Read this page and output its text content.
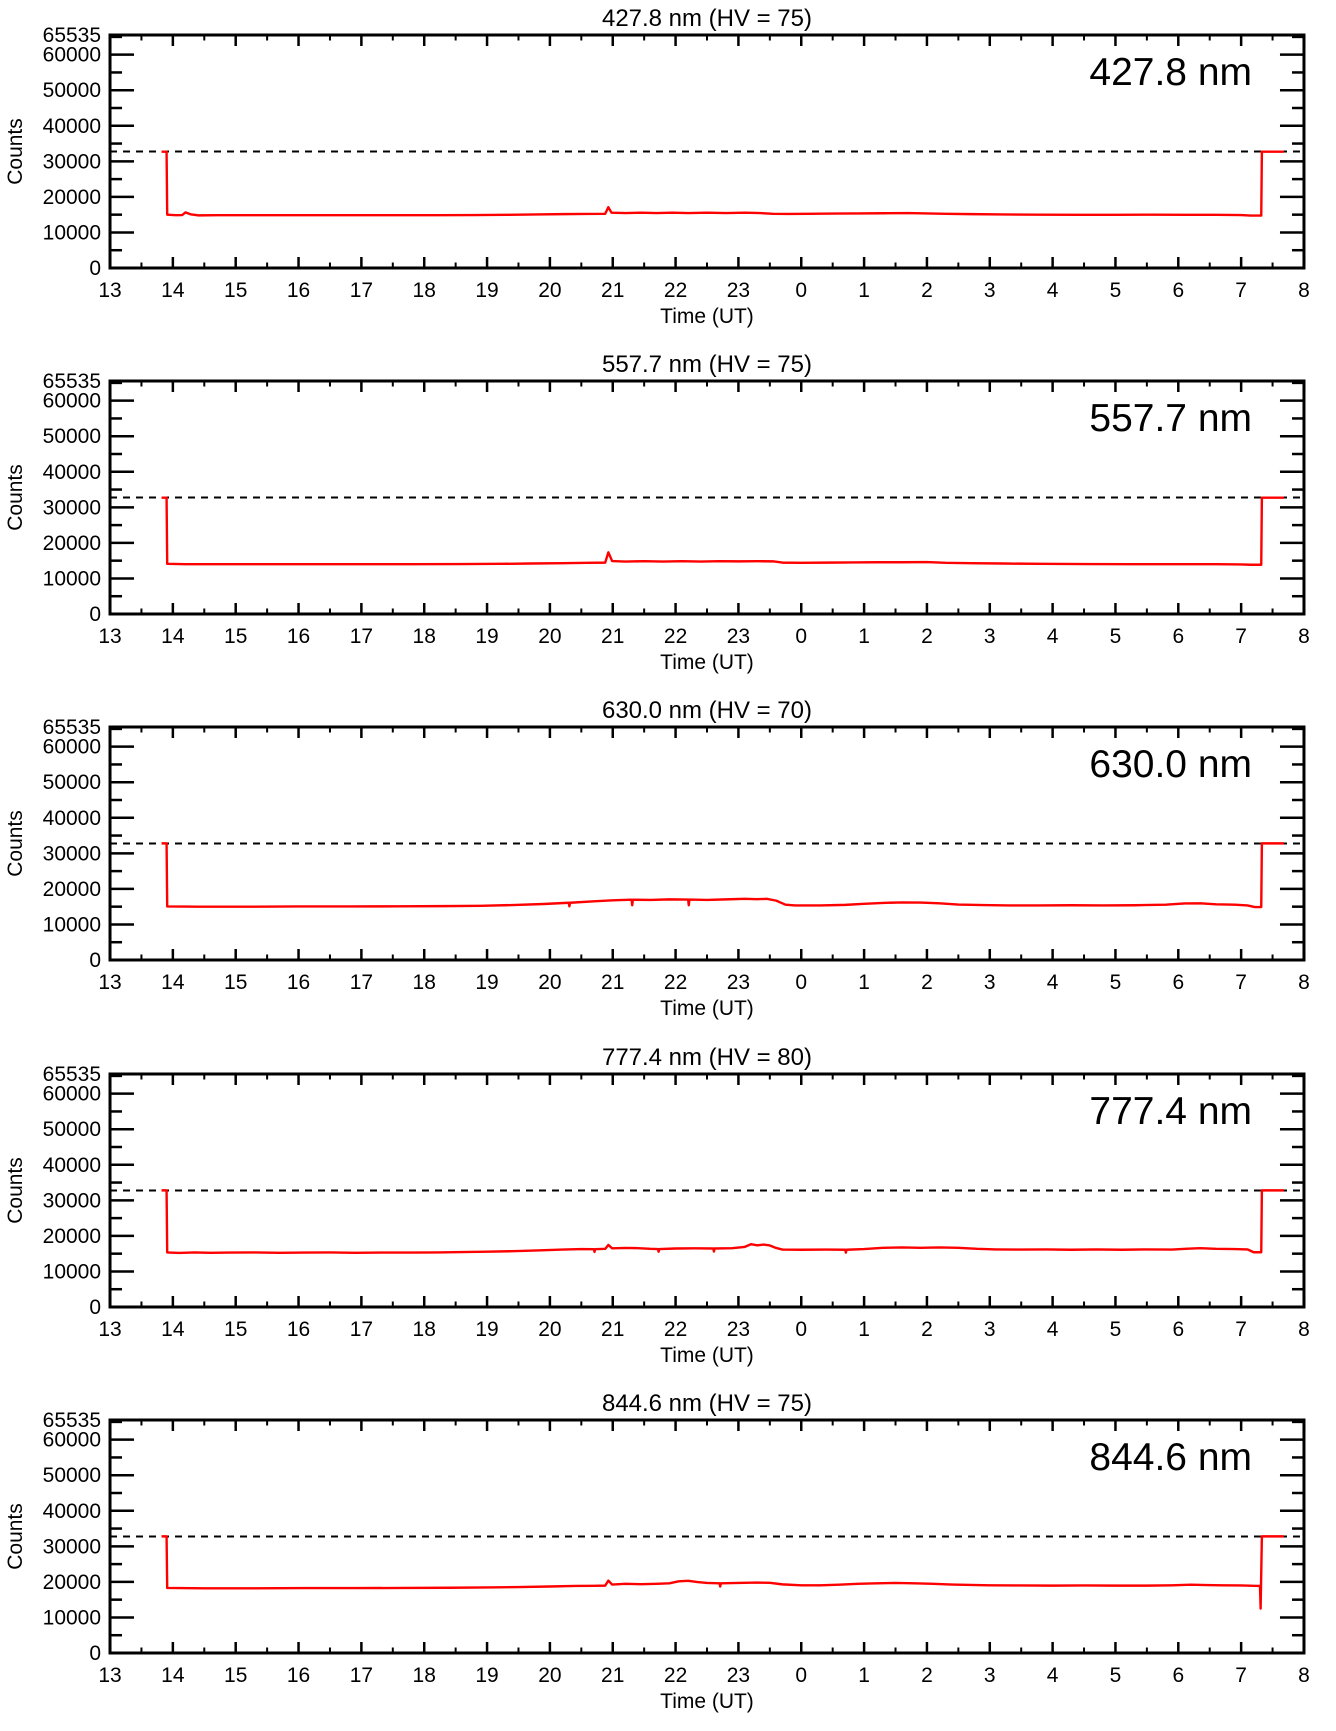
427.8 nm (HV = 75)
0
10000
20000
30000
40000
50000
60000
65535
13 14 15 16 17 18 19 20 21 22 23 0 1 2 3 4 5 6 7 8
Time (UT)
Counts
427.8 nm
557.7 nm (HV = 75)
0
10000
20000
30000
40000
50000
60000
65535
13 14 15 16 17 18 19 20 21 22 23 0 1 2 3 4 5 6 7 8
Time (UT)
Counts
557.7 nm
630.0 nm (HV = 70)
0
10000
20000
30000
40000
50000
60000
65535
13 14 15 16 17 18 19 20 21 22 23 0 1 2 3 4 5 6 7 8
Time (UT)
Counts
630.0 nm
777.4 nm (HV = 80)
0
10000
20000
30000
40000
50000
60000
65535
13 14 15 16 17 18 19 20 21 22 23 0 1 2 3 4 5 6 7 8
Time (UT)
Counts
777.4 nm
844.6 nm (HV = 75)
0
10000
20000
30000
40000
50000
60000
65535
13 14 15 16 17 18 19 20 21 22 23 0 1 2 3 4 5 6 7 8
Time (UT)
Counts
844.6 nm
